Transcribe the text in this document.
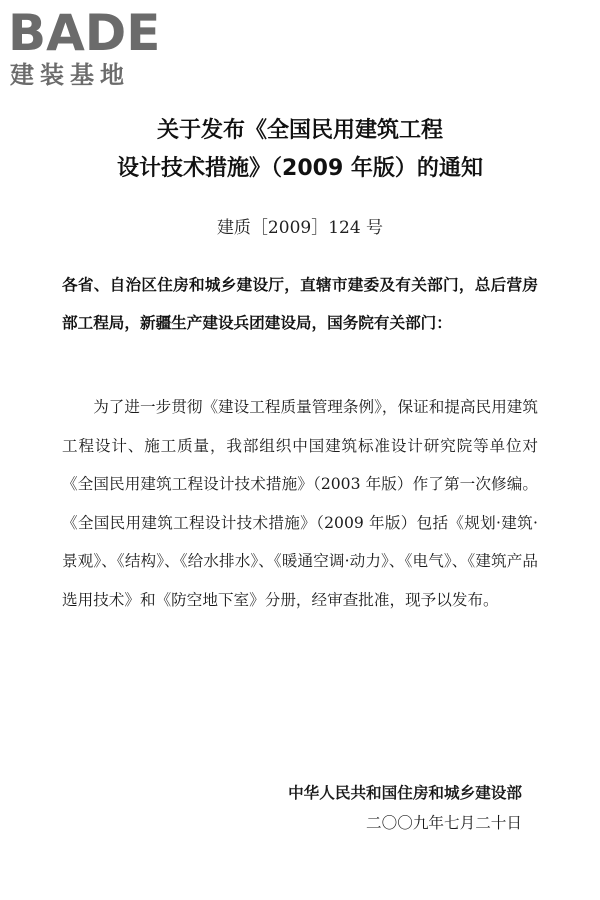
BADE
建装基地
关于发布《全国民用建筑工程
设计技术措施》（2009 年版）的通知
建质［2009］124 号
各省、自治区住房和城乡建设厅，直辖市建委及有关部门，总后营房部工程局，新疆生产建设兵团建设局，国务院有关部门：
为了进一步贯彻《建设工程质量管理条例》，保证和提高民用建筑工程设计、施工质量，我部组织中国建筑标准设计研究院等单位对《全国民用建筑工程设计技术措施》（2003 年版）作了第一次修编。《全国民用建筑工程设计技术措施》（2009 年版）包括《规划·建筑·景观》、《结构》、《给水排水》、《暖通空调·动力》、《电气》、《建筑产品选用技术》和《防空地下室》分册，经审查批准，现予以发布。
中华人民共和国住房和城乡建设部
二〇〇九年七月二十日
